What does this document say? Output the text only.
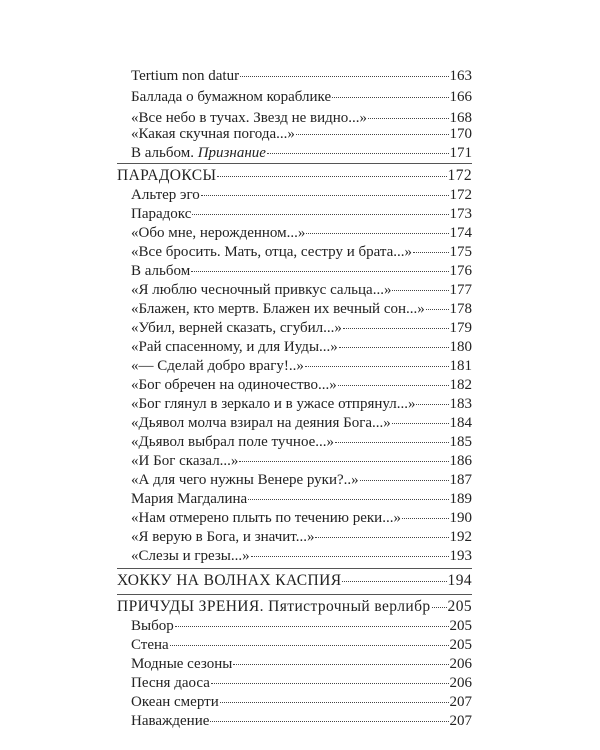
Tertium non datur	163
Баллада о бумажном кораблике	166
«Все небо в тучах. Звезд не видно...»	168
«Какая скучная погода...»	170
В альбом. Признание	171
ПАРАДОКСЫ	172
Альтер эго	172
Парадокс	173
«Обо мне, нерожденном...»	174
«Все бросить. Мать, отца, сестру и брата...» 175
В альбом	176
«Я люблю чесночный привкус сальца...»	177
«Блажен, кто мертв. Блажен их вечный сон...» 178
«Убил, верней сказать, сгубил...»	179
«Рай спасенному, и для Иуды...»	180
«— Сделай добро врагу!..»	181
«Бог обречен на одиночество...»	182
«Бог глянул в зеркало и в ужасе отпрянул...» 183
«Дьявол молча взирал на деяния Бога...»	184
«Дьявол выбрал поле тучное...»	185
«И Бог сказал...»	186
«А для чего нужны Венере руки?..»	187
Мария Магдалина	189
«Нам отмерено плыть по течению реки...»	190
«Я верую в Бога, и значит...»	192
«Слезы и грезы...»	193
ХОККУ НА ВОЛНАХ КАСПИЯ	194
ПРИЧУДЫ ЗРЕНИЯ. Пятистрочный верлибр 205
Выбор	205
Стена	205
Модные сезоны	206
Песня даоса	206
Океан смерти	207
Наваждение	207
